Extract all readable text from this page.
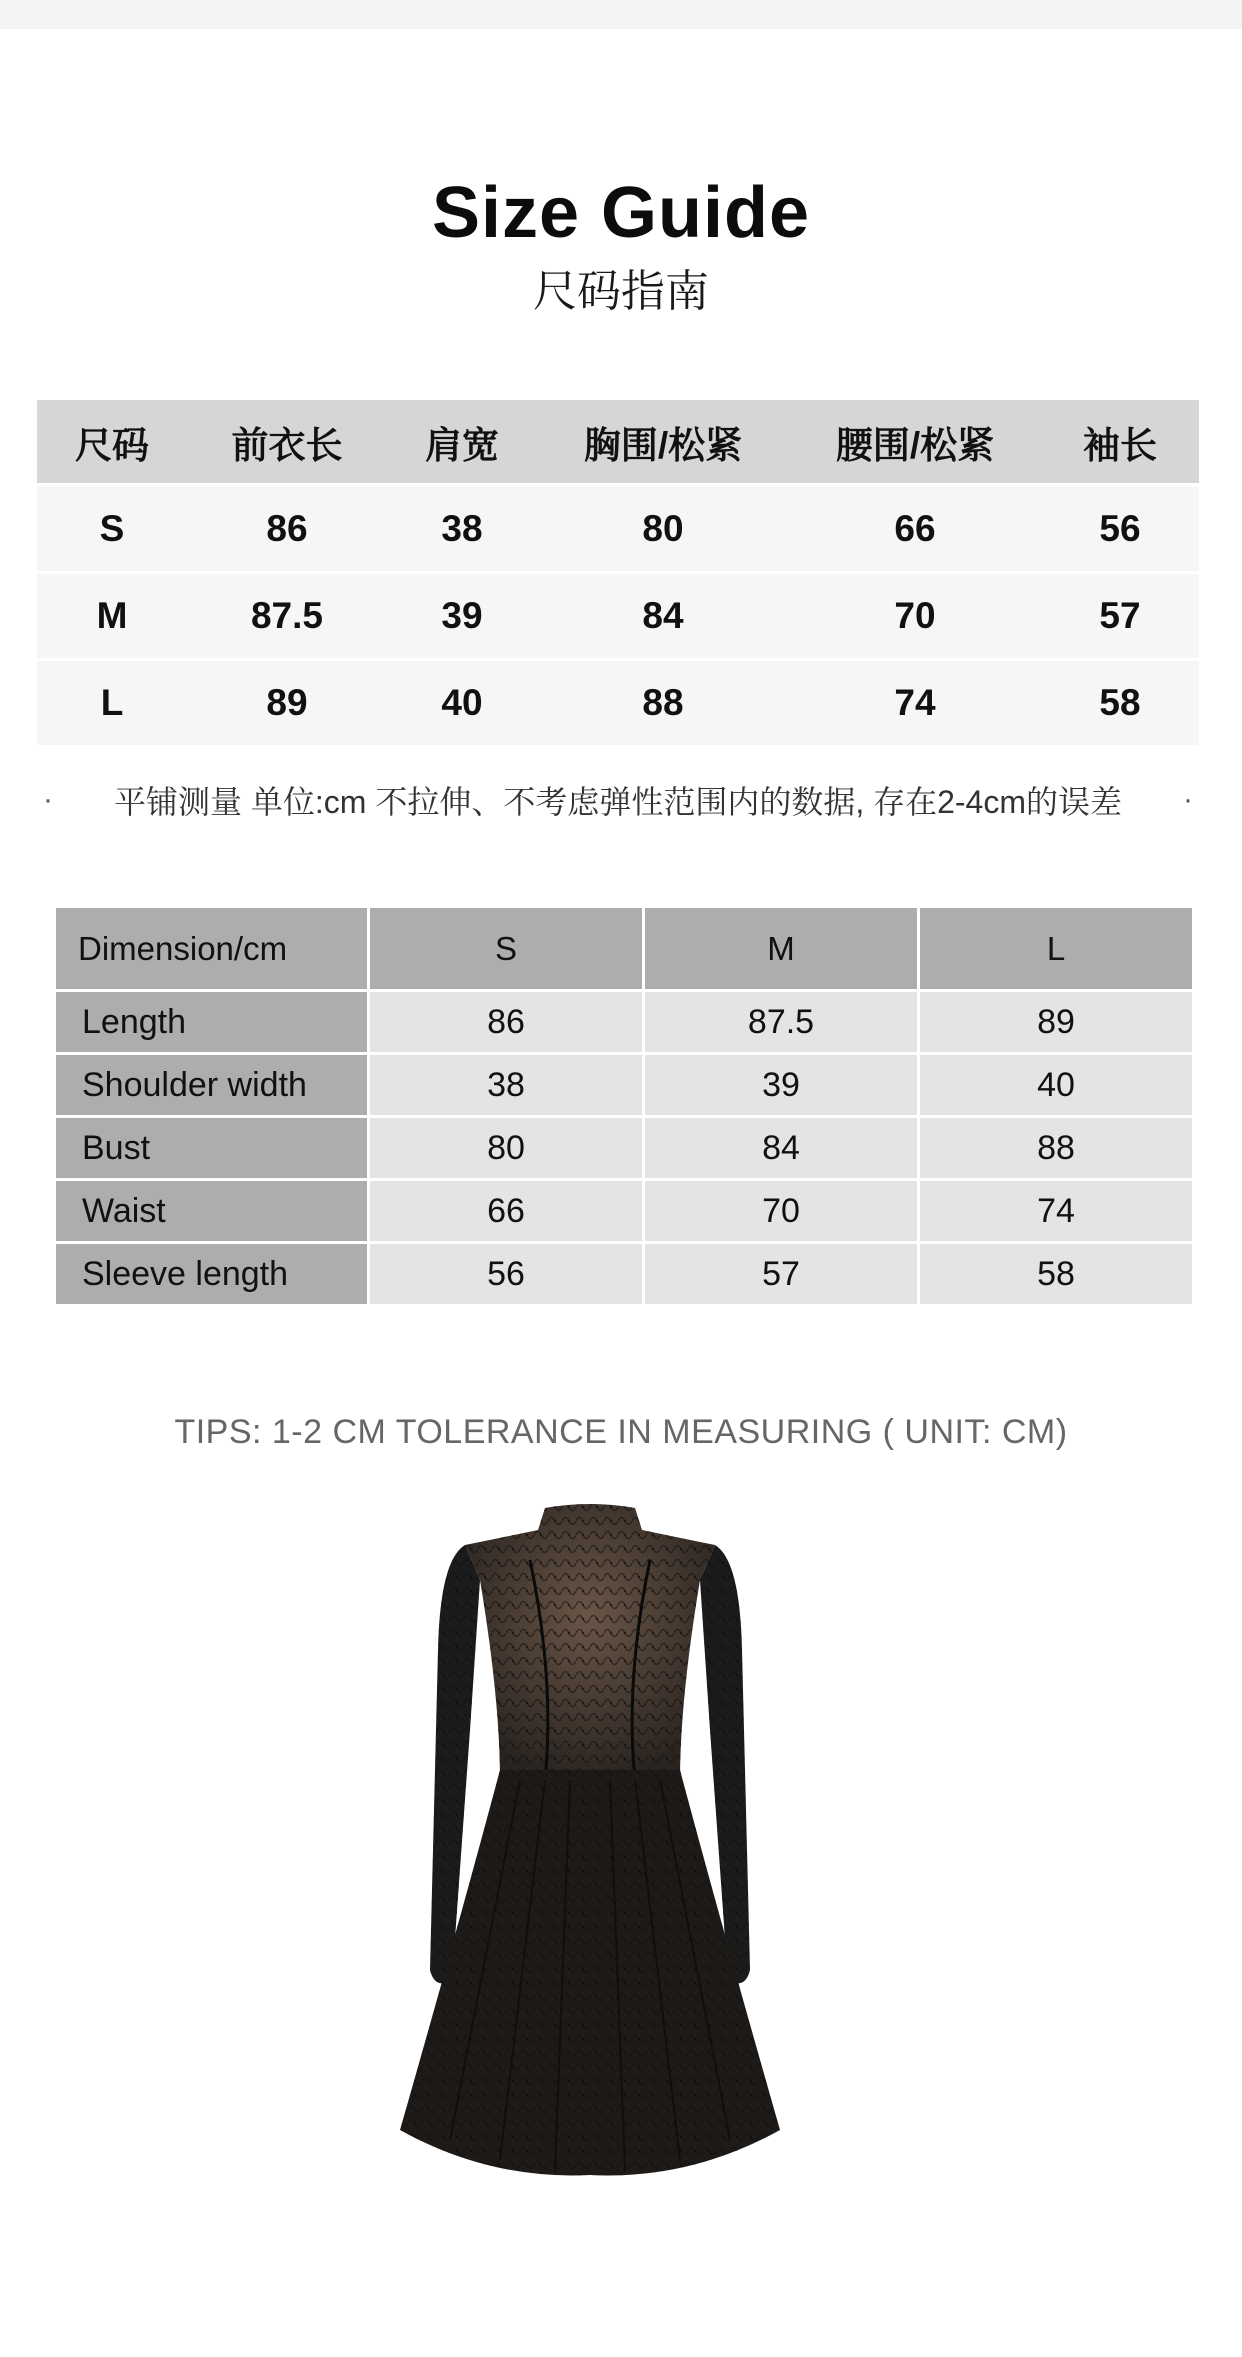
Size Guide
尺码指南
尺码	前衣长	肩宽	胸围/松紧	腰围/松紧	袖长
S	86	38	80	66	56
M	87.5	39	84	70	57
L	89	40	88	74	58
·	平铺测量 单位:cm 不拉伸、不考虑弹性范围内的数据, 存在2-4cm的误差	·
Dimension/cm	S	M	L
Length	86	87.5	89
Shoulder width	38	39	40
Bust	80	84	88
Waist	66	70	74
Sleeve length	56	57	58
TIPS: 1-2 CM TOLERANCE IN MEASURING ( UNIT: CM)
